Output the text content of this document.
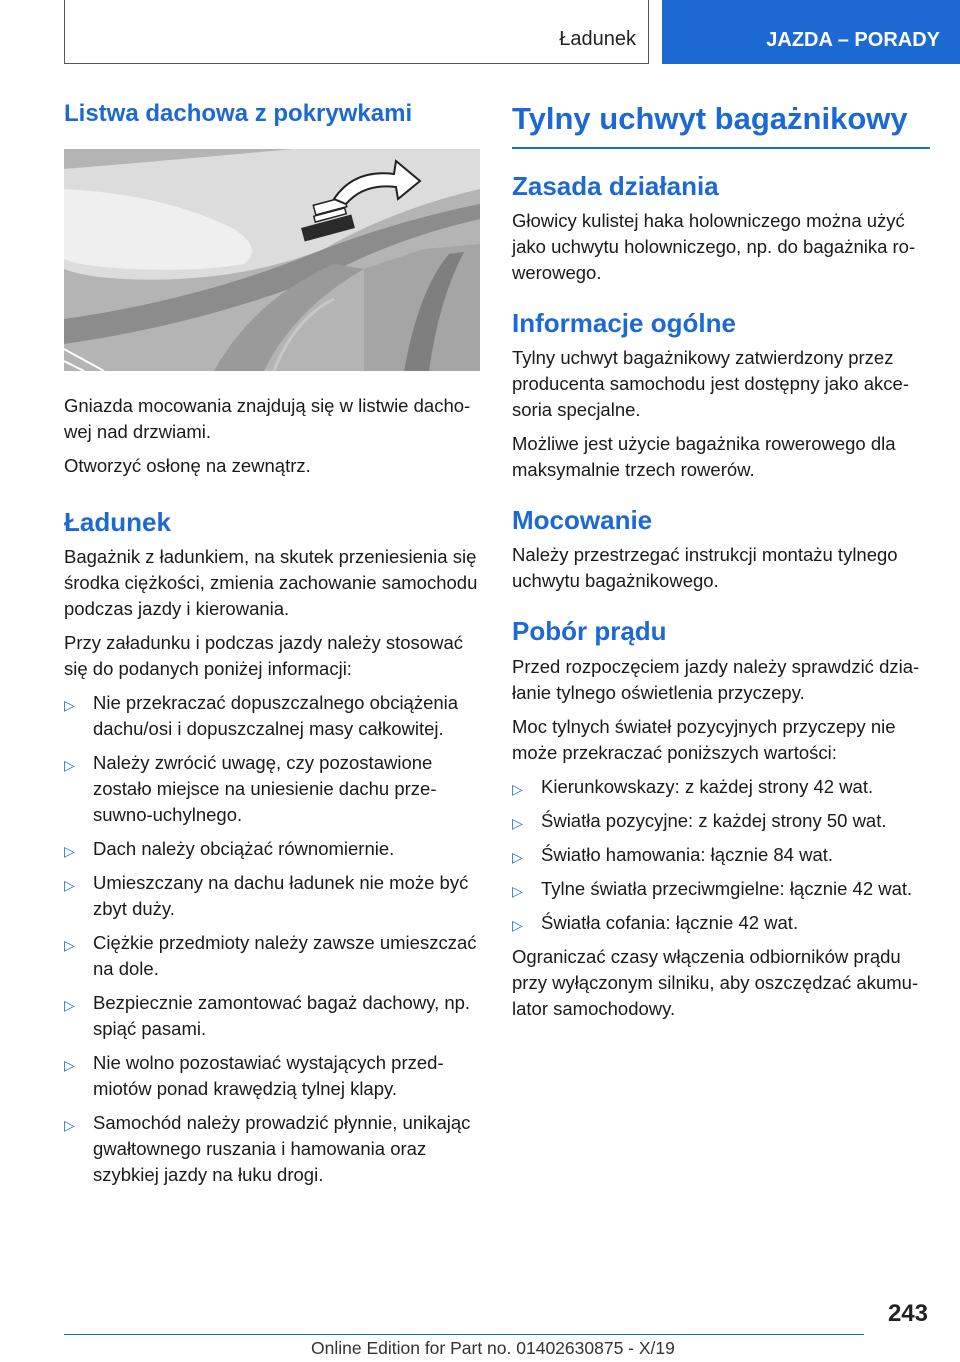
Ładunek	JAZDA – PORADY
Listwa dachowa z pokrywkami

Gniazda mocowania znajdują się w listwie dachowej nad drzwiami.

Otworzyć osłonę na zewnątrz.

Ładunek

Bagażnik z ładunkiem, na skutek przeniesienia się środka ciężkości, zmienia zachowanie samochodu podczas jazdy i kierowania.

Przy załadunku i podczas jazdy należy stosować się do podanych poniżej informacji:

▷ Nie przekraczać dopuszczalnego obciążenia dachu/osi i dopuszczalnej masy całkowitej.
▷ Należy zwrócić uwagę, czy pozostawione zostało miejsce na uniesienie dachu przesuwno-uchylnego.
▷ Dach należy obciążać równomiernie.
▷ Umieszczany na dachu ładunek nie może być zbyt duży.
▷ Ciężkie przedmioty należy zawsze umieszczać na dole.
▷ Bezpiecznie zamontować bagaż dachowy, np. spiąć pasami.
▷ Nie wolno pozostawiać wystających przedmiotów ponad krawędzią tylnej klapy.
▷ Samochód należy prowadzić płynnie, unikając gwałtownego ruszania i hamowania oraz szybkiej jazdy na łuku drogi.
Tylny uchwyt bagażnikowy
Zasada działania

Głowicy kulistej haka holowniczego można użyć jako uchwytu holowniczego, np. do bagażnika rowerowego.

Informacje ogólne

Tylny uchwyt bagażnikowy zatwierdzony przez producenta samochodu jest dostępny jako akcesoria specjalne.

Możliwe jest użycie bagażnika rowerowego dla maksymalnie trzech rowerów.

Mocowanie

Należy przestrzegać instrukcji montażu tylnego uchwytu bagażnikowego.

Pobór prądu

Przed rozpoczęciem jazdy należy sprawdzić działanie tylnego oświetlenia przyczepy.

Moc tylnych świateł pozycyjnych przyczepy nie może przekraczać poniższych wartości:

▷ Kierunkowskazy: z każdej strony 42 wat.
▷ Światła pozycyjne: z każdej strony 50 wat.
▷ Światło hamowania: łącznie 84 wat.
▷ Tylne światła przeciwmgielne: łącznie 42 wat.
▷ Światła cofania: łącznie 42 wat.

Ograniczać czasy włączenia odbiorników prądu przy wyłączonym silniku, aby oszczędzać akumulator samochodowy.

243
Online Edition for Part no. 01402630875 - X/19
